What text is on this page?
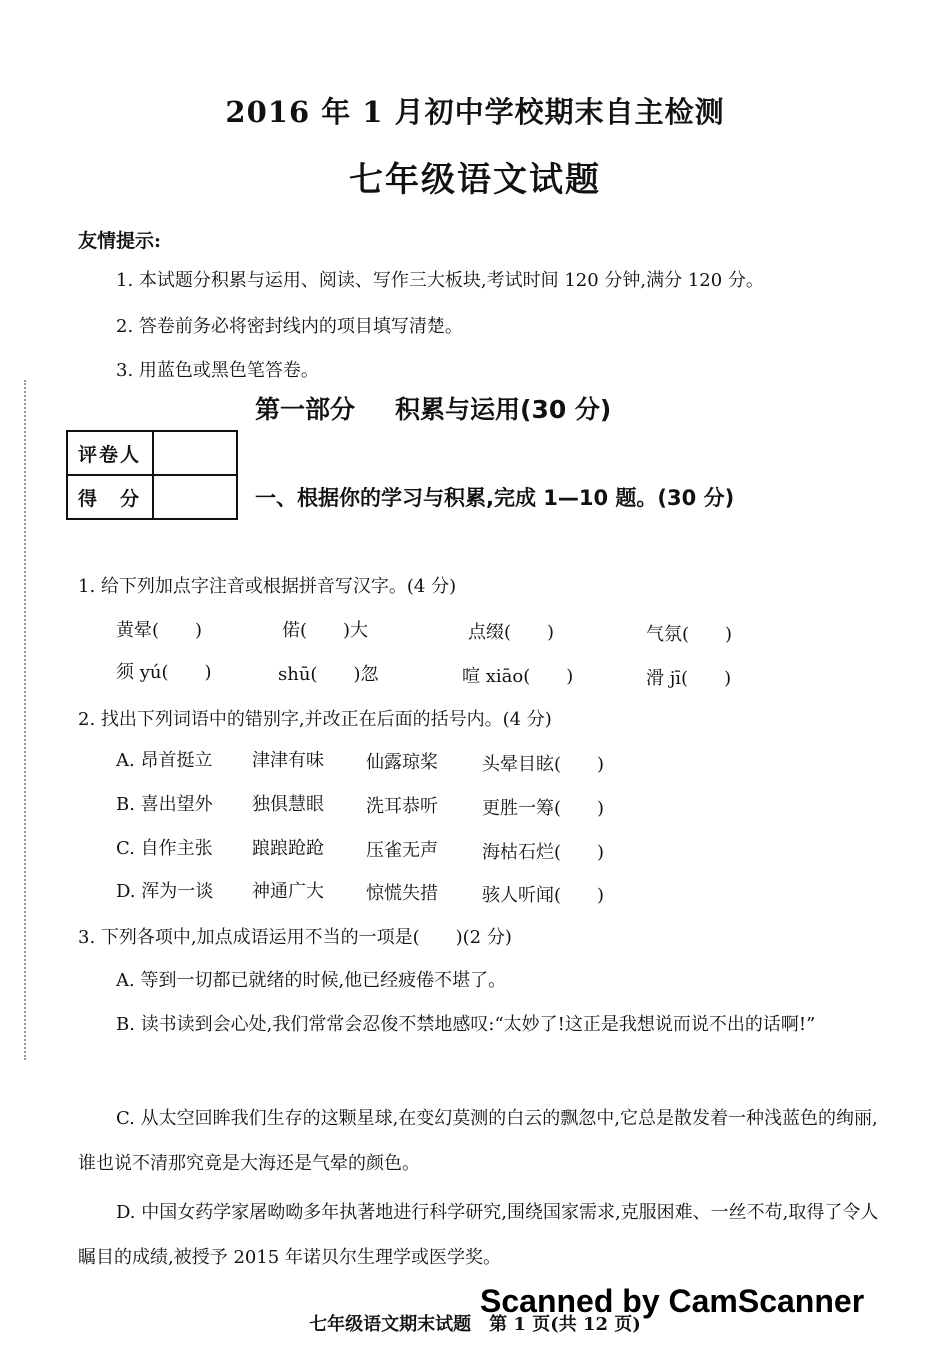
2016 年 1 月初中学校期末自主检测
七年级语文试题
友情提示:
1. 本试题分积累与运用、阅读、写作三大板块,考试时间 120 分钟,满分 120 分。
2. 答卷前务必将密封线内的项目填写清楚。
3. 用蓝色或黑色笔答卷。
第一部分 积累与运用(30 分)
评卷人	
得　分		一、根据你的学习与积累,完成 1—10 题。(30 分)
1. 给下列加点字注音或根据拼音写汉字。(4 分)
黄晕(　　)	偌(　　)大	点缀(　　)	气氛(　　)
须 yú(　　)	shū(　　)忽	喧 xiāo(　　)	滑 jī(　　)
2. 找出下列词语中的错别字,并改正在后面的括号内。(4 分)
A. 昂首挺立 津津有味 仙露琼桨 头晕目眩(　　)
B. 喜出望外 独俱慧眼 洗耳恭听 更胜一筹(　　)
C. 自作主张 踉踉跄跄 压雀无声 海枯石烂(　　)
D. 浑为一谈 神通广大 惊慌失措 骇人听闻(　　)
3. 下列各项中,加点成语运用不当的一项是(　　)(2 分)
A. 等到一切都已就绪的时候,他已经疲倦不堪了。
B. 读书读到会心处,我们常常会忍俊不禁地感叹:“太妙了!这正是我想说而说不出的话啊!”
C. 从太空回眸我们生存的这颗星球,在变幻莫测的白云的飘忽中,它总是散发着一种浅蓝色的绚丽,谁也说不清那究竟是大海还是气晕的颜色。
D. 中国女药学家屠呦呦多年执著地进行科学研究,围绕国家需求,克服困难、一丝不苟,取得了令人瞩目的成绩,被授予 2015 年诺贝尔生理学或医学奖。
七年级语文期末试题　第 1 页(共 12 页)
Scanned by CamScanner
